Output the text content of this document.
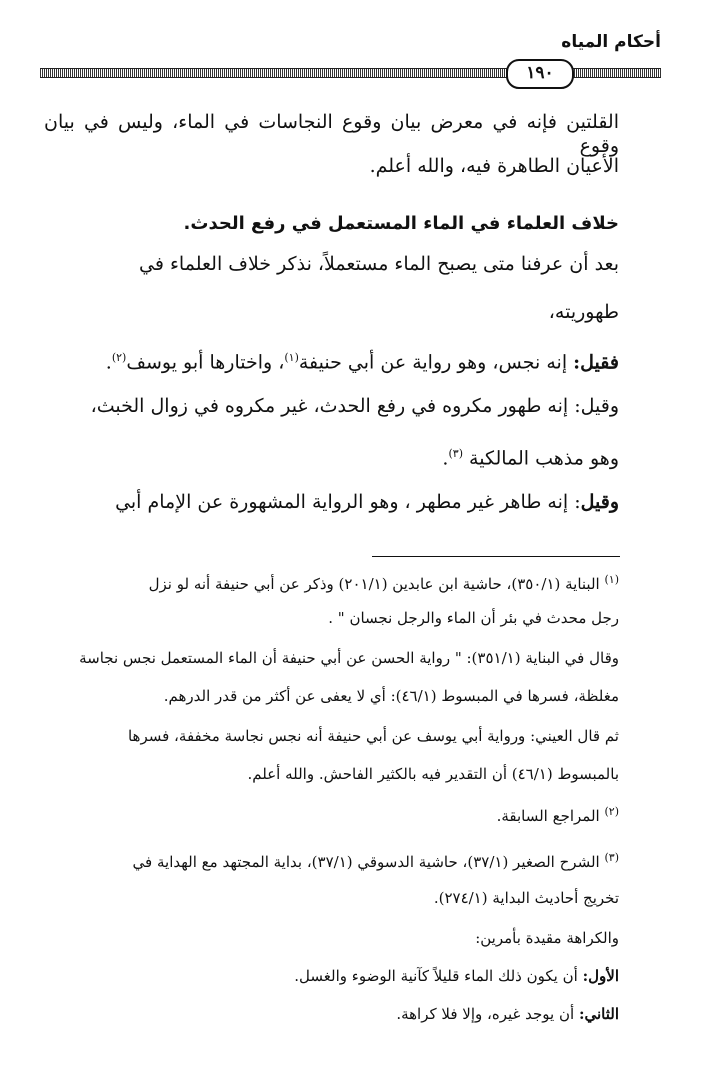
أحكام المياه
١٩٠
القلتين فإنه في معرض بيان وقوع النجاسات في الماء، وليس في بيان وقوع
الأعيان الطاهرة فيه، والله أعلم.
خلاف العلماء في الماء المستعمل في رفع الحدث.
بعد أن عرفنا متى يصبح الماء مستعملاً، نذكر خلاف العلماء في
طهوريته،
فقيل: إنه نجس، وهو رواية عن أبي حنيفة$^{(١)}$، واختارها أبو يوسف$^{(٢)}$.
وقيل: إنه طهور مكروه في رفع الحدث، غير مكروه في زوال الخبث،
وهو مذهب المالكية $^{(٣)}$.
وقيل: إنه طاهر غير مطهر ، وهو الرواية المشهورة عن الإمام أبي
$^{(١)}$ البناية (٣٥٠/١)، حاشية ابن عابدين (٢٠١/١) وذكر عن أبي حنيفة أنه لو نزل
رجل محدث في بئر أن الماء والرجل نجسان " .
وقال في البناية (٣٥١/١): " رواية الحسن عن أبي حنيفة أن الماء المستعمل نجس نجاسة
مغلظة، فسرها في المبسوط (٤٦/١): أي لا يعفى عن أكثر من قدر الدرهم.
ثم قال العيني: ورواية أبي يوسف عن أبي حنيفة أنه نجس نجاسة مخففة، فسرها
بالمبسوط (٤٦/١) أن التقدير فيه بالكثير الفاحش. والله أعلم.
$^{(٢)}$ المراجع السابقة.
$^{(٣)}$ الشرح الصغير (٣٧/١)، حاشية الدسوقي (٣٧/١)، بداية المجتهد مع الهداية في
تخريج أحاديث البداية (٢٧٤/١).
والكراهة مقيدة بأمرين:
الأول: أن يكون ذلك الماء قليلاً كآنية الوضوء والغسل.
الثاني: أن يوجد غيره، وإلا فلا كراهة.
